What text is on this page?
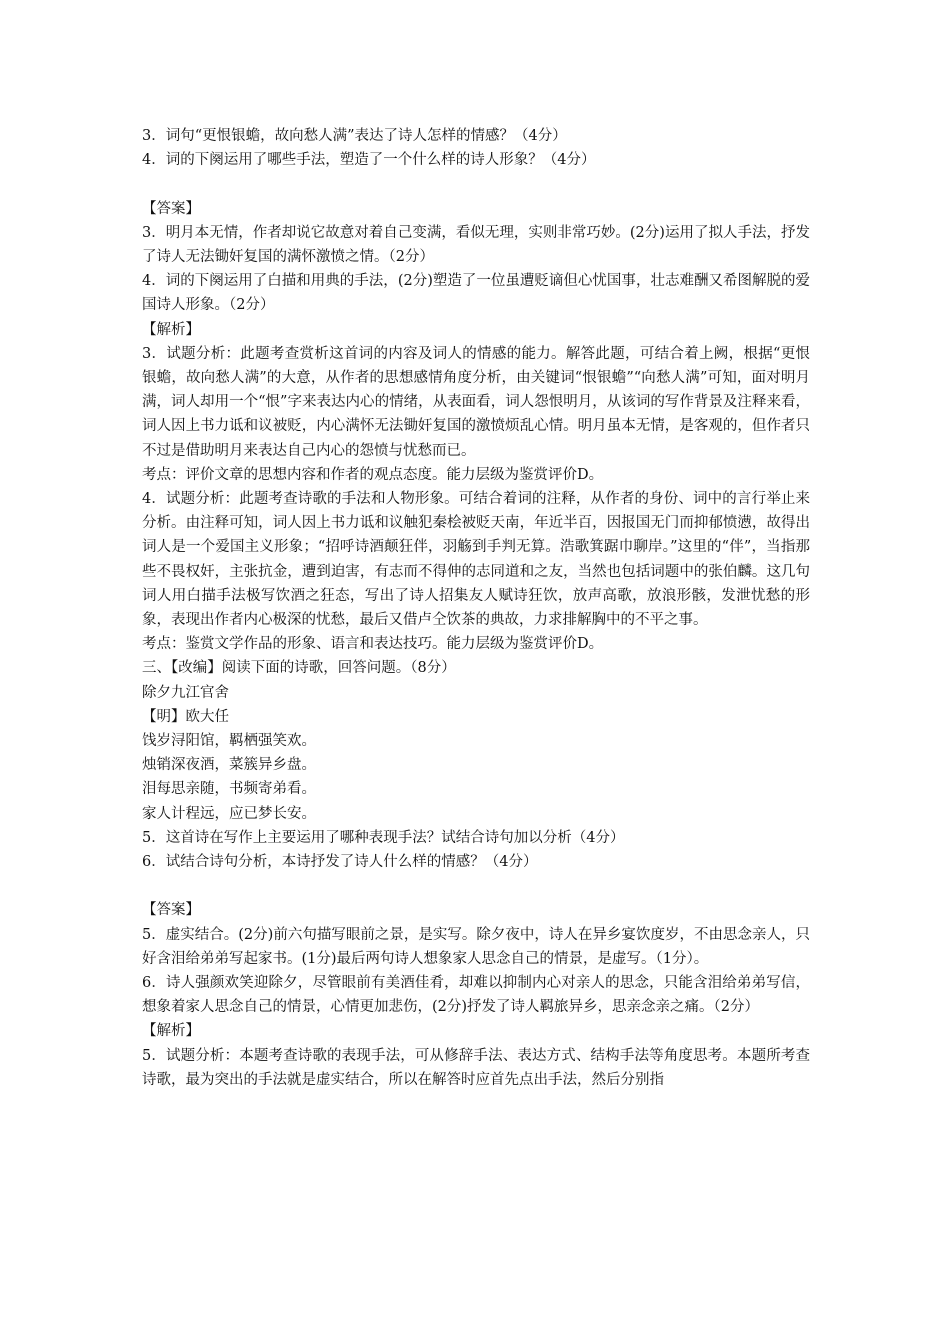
3．词句“更恨银蟾，故向愁人满”表达了诗人怎样的情感？（4分）
4．词的下阕运用了哪些手法，塑造了一个什么样的诗人形象？（4分）
【答案】
3．明月本无情，作者却说它故意对着自己变满，看似无理，实则非常巧妙。(2分)运用了拟人手法，抒发了诗人无法锄奸复国的满怀激愤之情。（2分）
4．词的下阕运用了白描和用典的手法，(2分)塑造了一位虽遭贬谪但心忧国事，壮志难酬又希图解脱的爱国诗人形象。（2分）
【解析】
3．试题分析：此题考查赏析这首词的内容及词人的情感的能力。解答此题，可结合着上阙，根据“更恨银蟾，故向愁人满”的大意，从作者的思想感情角度分析，由关键词“恨银蟾”“向愁人满”可知，面对明月满，词人却用一个“恨”字来表达内心的情绪，从表面看，词人怨恨明月，从该词的写作背景及注释来看，词人因上书力诋和议被贬，内心满怀无法锄奸复国的激愤烦乱心情。明月虽本无情，是客观的，但作者只不过是借助明月来表达自己内心的怨愤与忧愁而已。
考点：评价文章的思想内容和作者的观点态度。能力层级为鉴赏评价D。
4．试题分析：此题考查诗歌的手法和人物形象。可结合着词的注释，从作者的身份、词中的言行举止来分析。由注释可知，词人因上书力诋和议触犯秦桧被贬天南，年近半百，因报国无门而抑郁愤懑，故得出词人是一个爱国主义形象；“招呼诗酒颠狂伴，羽觞到手判无算。浩歌箕踞巾聊岸。”这里的“伴”，当指那些不畏权奸，主张抗金，遭到迫害，有志而不得伸的志同道和之友，当然也包括词题中的张伯麟。这几句词人用白描手法极写饮酒之狂态，写出了诗人招集友人赋诗狂饮，放声高歌，放浪形骸，发泄忧愁的形象，表现出作者内心极深的忧愁，最后又借卢仝饮茶的典故，力求排解胸中的不平之事。
考点：鉴赏文学作品的形象、语言和表达技巧。能力层级为鉴赏评价D。
三、【改编】阅读下面的诗歌，回答问题。（8分）
除夕九江官舍
【明】欧大任
饯岁浔阳馆，羁栖强笑欢。
烛销深夜酒，菜簇异乡盘。
泪每思亲随，书频寄弟看。
家人计程远，应已梦长安。
5．这首诗在写作上主要运用了哪种表现手法？试结合诗句加以分析（4分）
6．试结合诗句分析，本诗抒发了诗人什么样的情感？（4分）
【答案】
5．虚实结合。(2分)前六句描写眼前之景，是实写。除夕夜中，诗人在异乡宴饮度岁，不由思念亲人，只好含泪给弟弟写起家书。(1分)最后两句诗人想象家人思念自己的情景，是虚写。（1分）。
6．诗人强颜欢笑迎除夕，尽管眼前有美酒佳肴，却难以抑制内心对亲人的思念，只能含泪给弟弟写信，想象着家人思念自己的情景，心情更加悲伤，(2分)抒发了诗人羁旅异乡，思亲念亲之痛。（2分）
【解析】
5．试题分析：本题考查诗歌的表现手法，可从修辞手法、表达方式、结构手法等角度思考。本题所考查诗歌，最为突出的手法就是虚实结合，所以在解答时应首先点出手法，然后分别指
